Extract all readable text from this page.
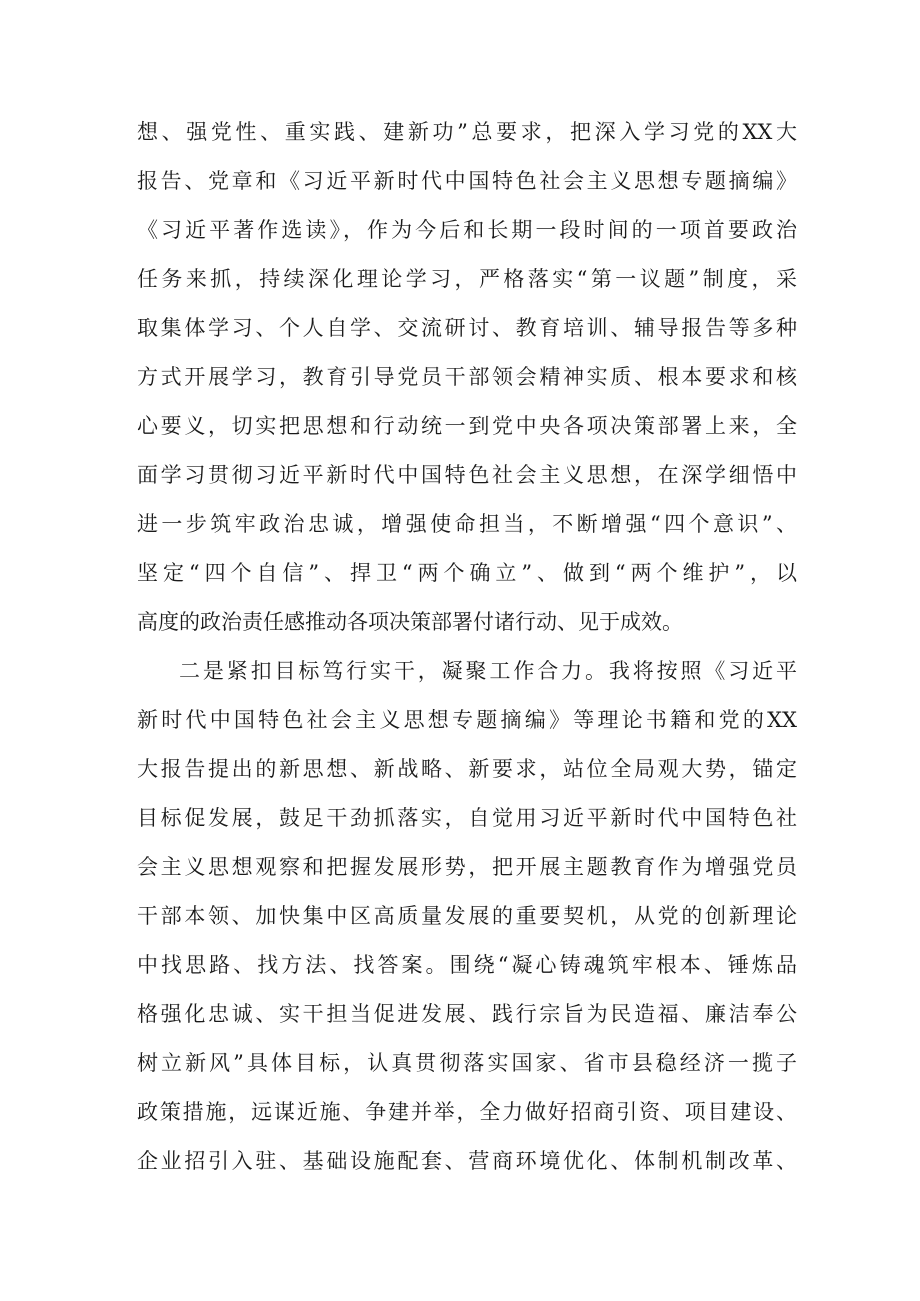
想、强党性、重实践、建新功”总要求，把深入学习党的XX大
报告、党章和《习近平新时代中国特色社会主义思想专题摘编》
《习近平著作选读》，作为今后和长期一段时间的一项首要政治
任务来抓，持续深化理论学习，严格落实“第一议题”制度，采
取集体学习、个人自学、交流研讨、教育培训、辅导报告等多种
方式开展学习，教育引导党员干部领会精神实质、根本要求和核
心要义，切实把思想和行动统一到党中央各项决策部署上来，全
面学习贯彻习近平新时代中国特色社会主义思想，在深学细悟中
进一步筑牢政治忠诚，增强使命担当，不断增强“四个意识”、
坚定“四个自信”、捍卫“两个确立”、做到“两个维护”，以
高度的政治责任感推动各项决策部署付诸行动、见于成效。
二是紧扣目标笃行实干，凝聚工作合力。我将按照《习近平
新时代中国特色社会主义思想专题摘编》等理论书籍和党的XX
大报告提出的新思想、新战略、新要求，站位全局观大势，锚定
目标促发展，鼓足干劲抓落实，自觉用习近平新时代中国特色社
会主义思想观察和把握发展形势，把开展主题教育作为增强党员
干部本领、加快集中区高质量发展的重要契机，从党的创新理论
中找思路、找方法、找答案。围绕“凝心铸魂筑牢根本、锤炼品
格强化忠诚、实干担当促进发展、践行宗旨为民造福、廉洁奉公
树立新风”具体目标，认真贯彻落实国家、省市县稳经济一揽子
政策措施，远谋近施、争建并举，全力做好招商引资、项目建设、
企业招引入驻、基础设施配套、营商环境优化、体制机制改革、
